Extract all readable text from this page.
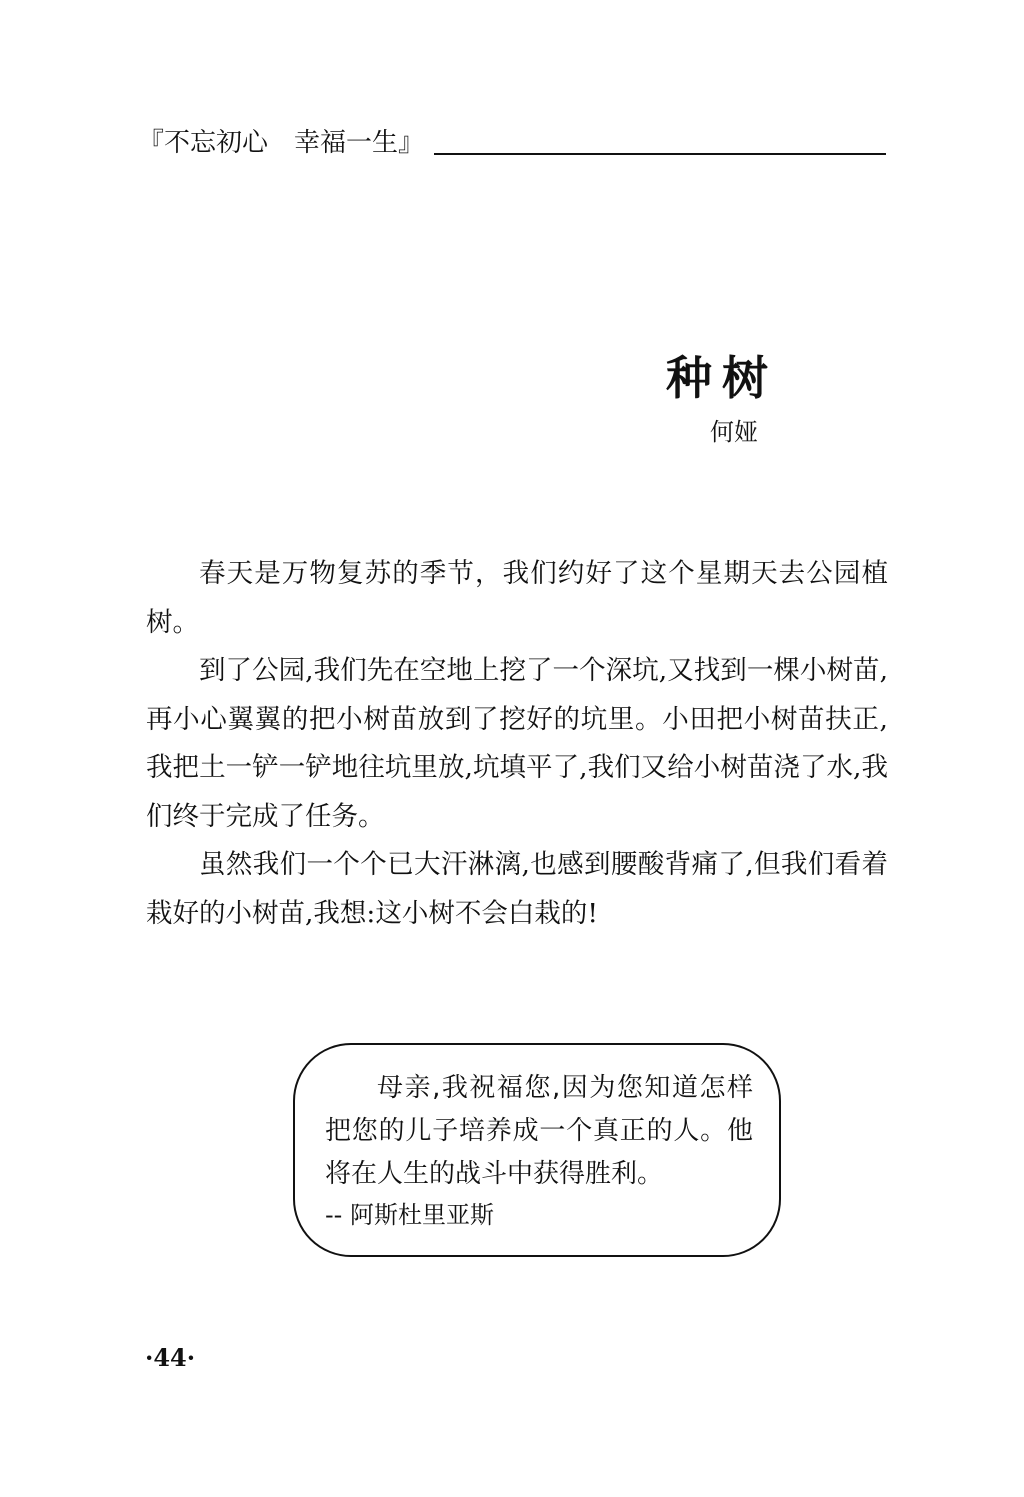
『不忘初心　幸福一生』
种树
何娅

春天是万物复苏的季节，我们约好了这个星期天去公园植树。

到了公园,我们先在空地上挖了一个深坑,又找到一棵小树苗,再小心翼翼的把小树苗放到了挖好的坑里。小田把小树苗扶正,我把土一铲一铲地往坑里放,坑填平了,我们又给小树苗浇了水,我们终于完成了任务。

虽然我们一个个已大汗淋漓,也感到腰酸背痛了,但我们看着栽好的小树苗,我想:这小树不会白栽的!

母亲,我祝福您,因为您知道怎样把您的儿子培养成一个真正的人。他将在人生的战斗中获得胜利。

-- 阿斯杜里亚斯
·44·
